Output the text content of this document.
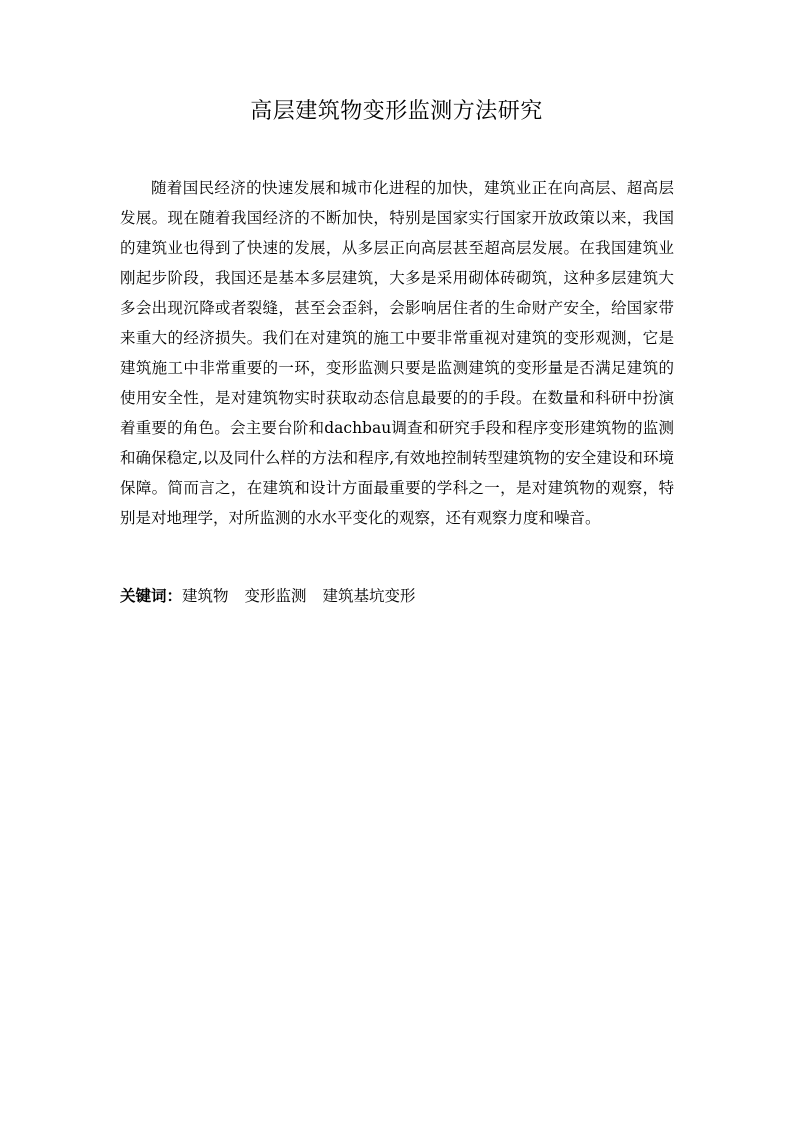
高层建筑物变形监测方法研究

随着国民经济的快速发展和城市化进程的加快，建筑业正在向高层、超高层发展。现在随着我国经济的不断加快，特别是国家实行国家开放政策以来，我国的建筑业也得到了快速的发展，从多层正向高层甚至超高层发展。在我国建筑业刚起步阶段，我国还是基本多层建筑，大多是采用砌体砖砌筑，这种多层建筑大多会出现沉降或者裂缝，甚至会歪斜，会影响居住者的生命财产安全，给国家带来重大的经济损失。我们在对建筑的施工中要非常重视对建筑的变形观测，它是建筑施工中非常重要的一环，变形监测只要是监测建筑的变形量是否满足建筑的使用安全性，是对建筑物实时获取动态信息最要的的手段。在数量和科研中扮演着重要的角色。会主要台阶和dachbau调查和研究手段和程序变形建筑物的监测和确保稳定,以及同什么样的方法和程序,有效地控制转型建筑物的安全建设和环境保障。简而言之，在建筑和设计方面最重要的学科之一，是对建筑物的观察，特别是对地理学，对所监测的水水平变化的观察，还有观察力度和噪音。

关键词：建筑物 变形监测 建筑基坑变形
